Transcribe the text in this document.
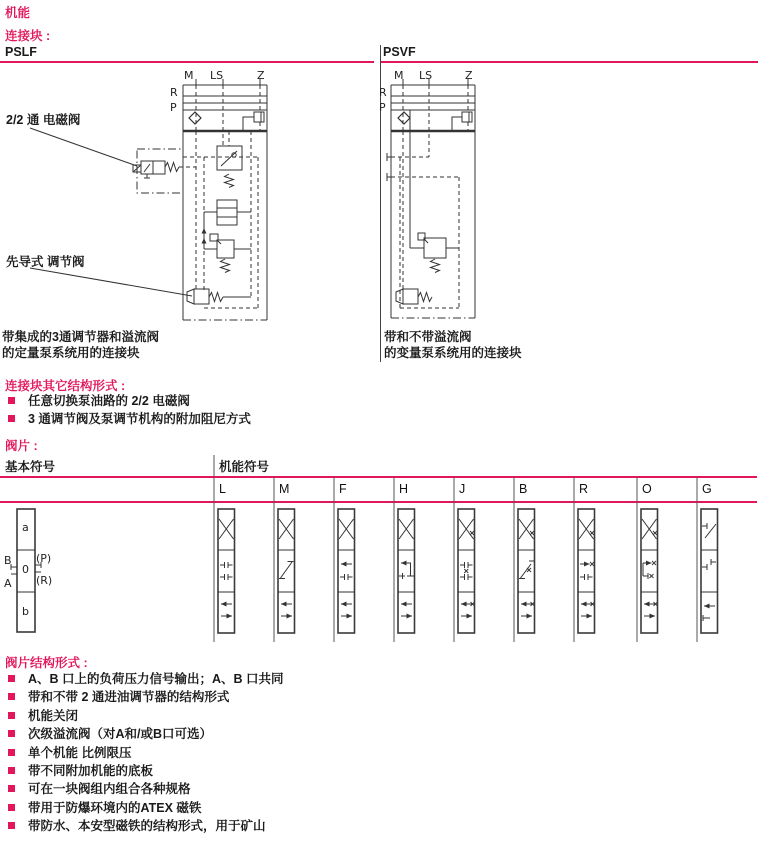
机能
连接块 :
PSLF	PSVF
M LS	Z
R
P
2/2 通 电磁阀
先导式 调节阀
M LS	Z
R
P
带集成的3通调节器和溢流阀
的定量泵系统用的连接块
带和不带溢流阀
的变量泵系统用的连接块
连接块其它结构形式 :
任意切换泵油路的 2/2 电磁阀
3 通调节阀及泵调节机构的附加阻尼方式
阀片 :
基本符号	机能符号
L	M	F	H	J	B	R	O	G
a
0
b
B
A
(P)
(R)
阀片结构形式 :
A、B 口上的负荷压力信号输出；A、B 口共同
带和不带 2 通进油调节器的结构形式
机能关闭
次级溢流阀（对A和/或B口可选）
单个机能 比例限压
带不同附加机能的底板
可在一块阀组内组合各种规格
带用于防爆环境内的ATEX 磁铁
带防水、本安型磁铁的结构形式，用于矿山
